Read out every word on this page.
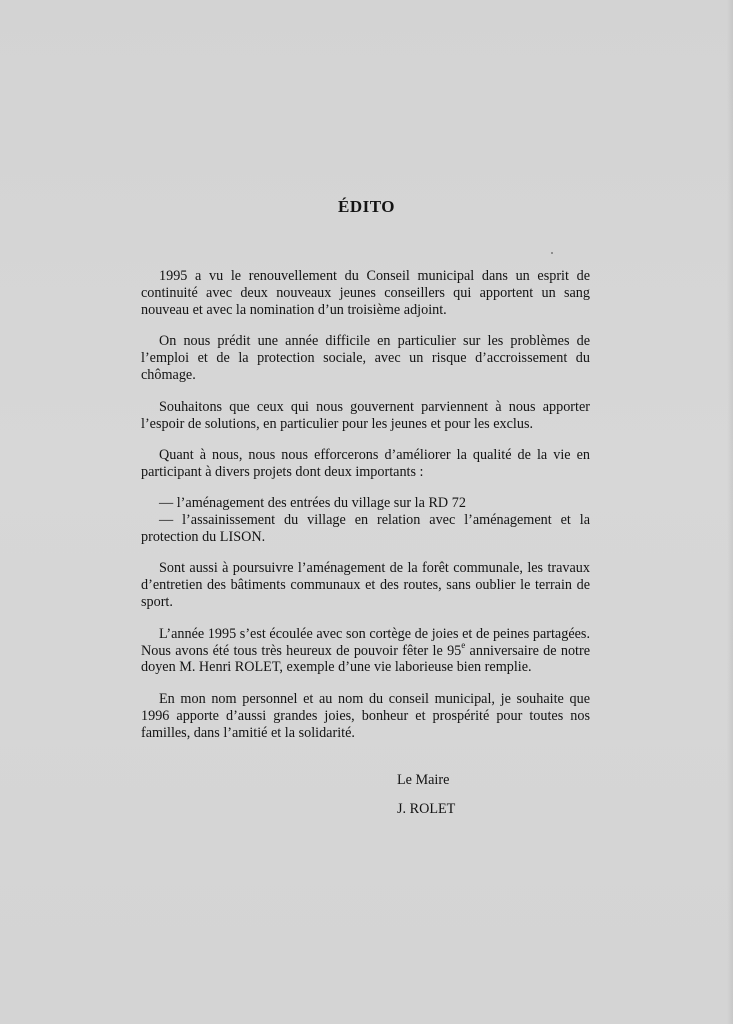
ÉDITO

1995 a vu le renouvellement du Conseil municipal dans un esprit de continuité avec deux nouveaux jeunes conseillers qui apportent un sang nouveau et avec la nomination d’un troisième adjoint.

On nous prédit une année difficile en particulier sur les problèmes de l’emploi et de la protection sociale, avec un risque d’accroissement du chômage.

Souhaitons que ceux qui nous gouvernent parviennent à nous apporter l’espoir de solutions, en particulier pour les jeunes et pour les exclus.

Quant à nous, nous nous efforcerons d’améliorer la qualité de la vie en participant à divers projets dont deux importants :

— l’aménagement des entrées du village sur la RD 72
— l’assainissement du village en relation avec l’aménagement et la protection du LISON.

Sont aussi à poursuivre l’aménagement de la forêt communale, les travaux d’entretien des bâtiments communaux et des routes, sans oublier le terrain de sport.

L’année 1995 s’est écoulée avec son cortège de joies et de peines partagées. Nous avons été tous très heureux de pouvoir fêter le 95e anniversaire de notre doyen M. Henri ROLET, exemple d’une vie laborieuse bien remplie.

En mon nom personnel et au nom du conseil municipal, je souhaite que 1996 apporte d’aussi grandes joies, bonheur et prospérité pour toutes nos familles, dans l’amitié et la solidarité.

Le Maire
J. ROLET
